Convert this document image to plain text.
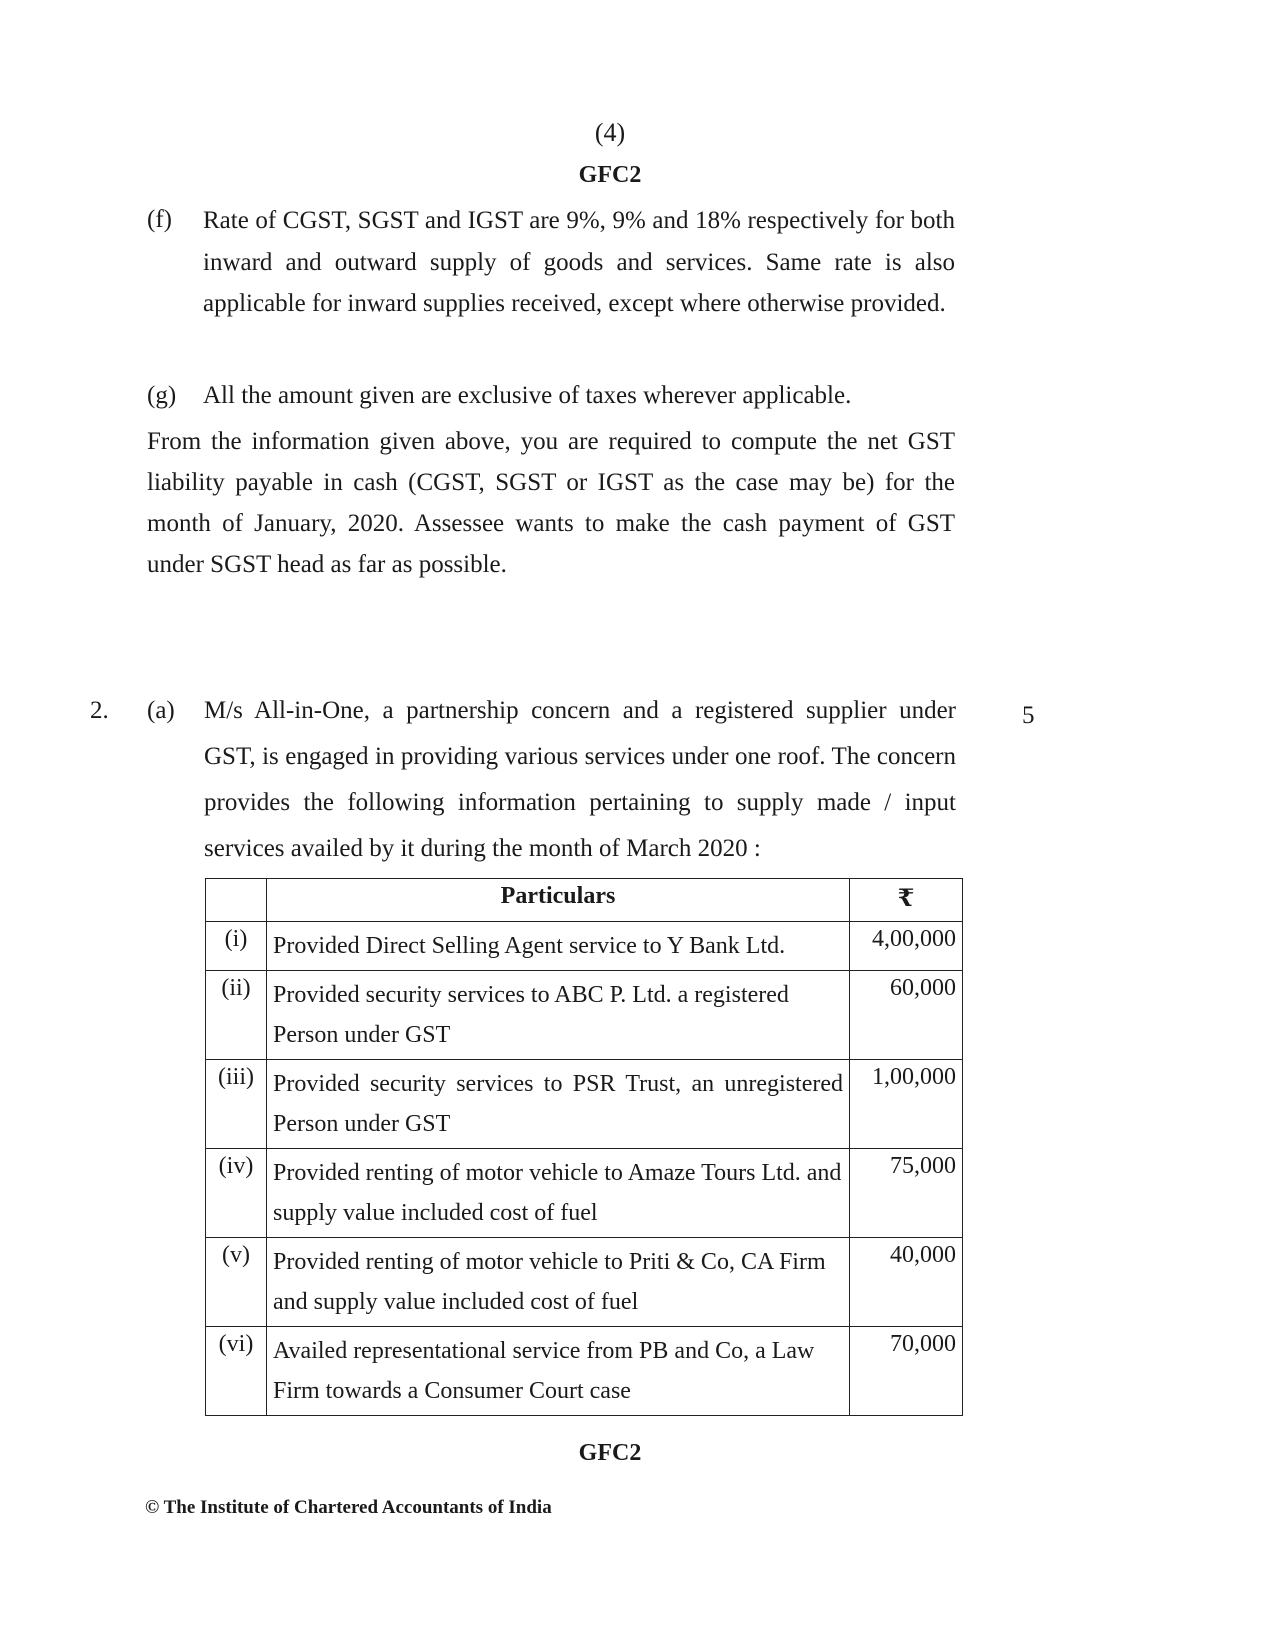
(4)
GFC2
(f) Rate of CGST, SGST and IGST are 9%, 9% and 18% respectively for both inward and outward supply of goods and services. Same rate is also applicable for inward supplies received, except where otherwise provided.
(g) All the amount given are exclusive of taxes wherever applicable.
From the information given above, you are required to compute the net GST liability payable in cash (CGST, SGST or IGST as the case may be) for the month of January, 2020. Assessee wants to make the cash payment of GST under SGST head as far as possible.
2. (a) M/s All-in-One, a partnership concern and a registered supplier under GST, is engaged in providing various services under one roof. The concern provides the following information pertaining to supply made / input services availed by it during the month of March 2020 :
5
	Particulars	₹
(i)	Provided Direct Selling Agent service to Y Bank Ltd.	4,00,000
(ii)	Provided security services to ABC P. Ltd. a registered Person under GST	60,000
(iii)	Provided security services to PSR Trust, an unregistered Person under GST	1,00,000
(iv)	Provided renting of motor vehicle to Amaze Tours Ltd. and supply value included cost of fuel	75,000
(v)	Provided renting of motor vehicle to Priti & Co, CA Firm and supply value included cost of fuel	40,000
(vi)	Availed representational service from PB and Co, a Law Firm towards a Consumer Court case	70,000
GFC2
© The Institute of Chartered Accountants of India
